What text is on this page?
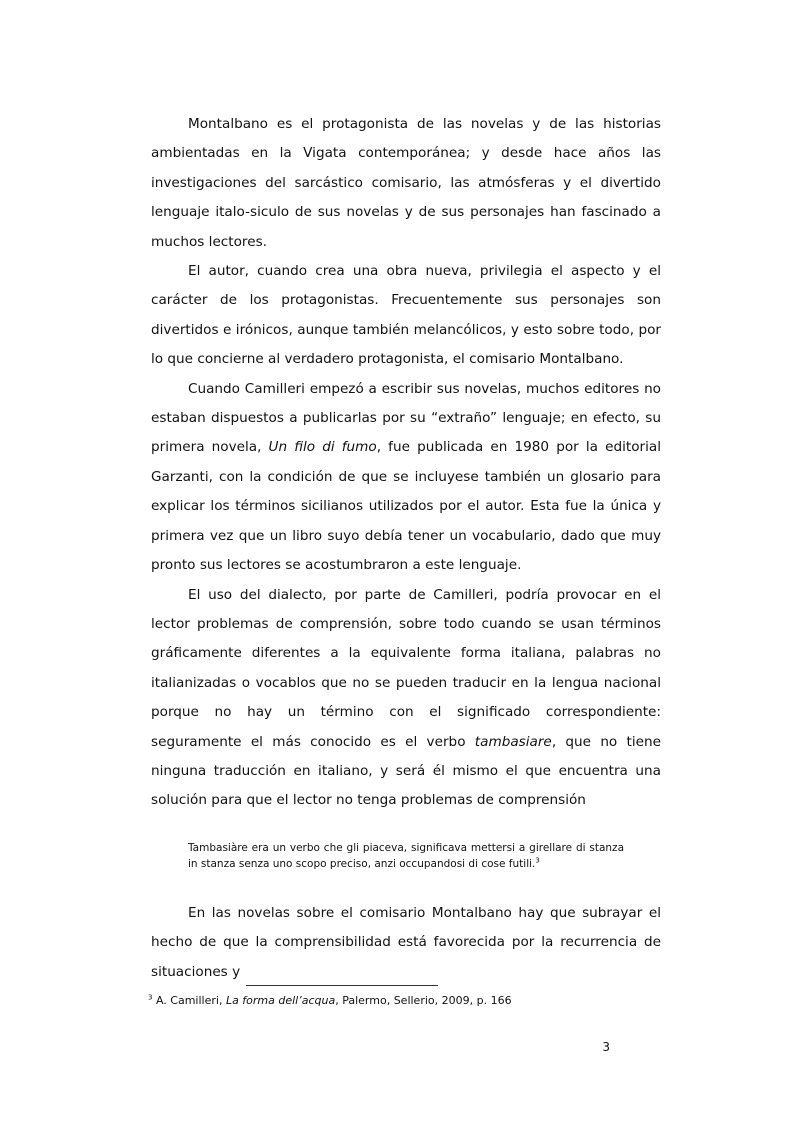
Montalbano es el protagonista de las novelas y de las historias ambientadas en la Vigata contemporánea; y desde hace años las investigaciones del sarcástico comisario, las atmósferas y el divertido lenguaje italo-siculo de sus novelas y de sus personajes han fascinado a muchos lectores.

El autor, cuando crea una obra nueva, privilegia el aspecto y el carácter de los protagonistas. Frecuentemente sus personajes son divertidos e irónicos, aunque también melancólicos, y esto sobre todo, por lo que concierne al verdadero protagonista, el comisario Montalbano.

Cuando Camilleri empezó a escribir sus novelas, muchos editores no estaban dispuestos a publicarlas por su “extraño” lenguaje; en efecto, su primera novela, Un filo di fumo, fue publicada en 1980 por la editorial Garzanti, con la condición de que se incluyese también un glosario para explicar los términos sicilianos utilizados por el autor. Esta fue la única y primera vez que un libro suyo debía tener un vocabulario, dado que muy pronto sus lectores se acostumbraron a este lenguaje.

El uso del dialecto, por parte de Camilleri, podría provocar en el lector problemas de comprensión, sobre todo cuando se usan términos gráficamente diferentes a la equivalente forma italiana, palabras no italianizadas o vocablos que no se pueden traducir en la lengua nacional porque no hay un término con el significado correspondiente: seguramente el más conocido es el verbo tambasiare, que no tiene ninguna traducción en italiano, y será él mismo el que encuentra una solución para que el lector no tenga problemas de comprensión

Tambasiàre era un verbo che gli piaceva, significava mettersi a girellare di stanza in stanza senza uno scopo preciso, anzi occupandosi di cose futili.$^3$

En las novelas sobre el comisario Montalbano hay que subrayar el hecho de que la comprensibilidad está favorecida por la recurrencia de situaciones y

$^3$ A. Camilleri, La forma dell’acqua, Palermo, Sellerio, 2009, p. 166

3
